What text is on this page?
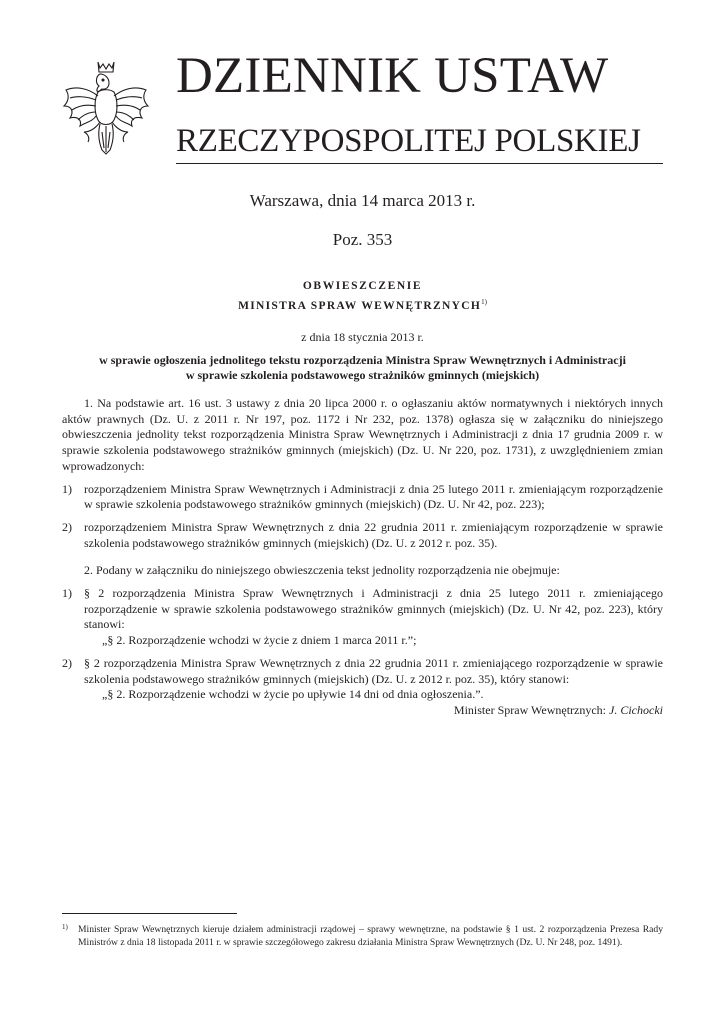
DZIENNIK USTAW
RZECZYPOSPOLITEJ POLSKIEJ
Warszawa, dnia 14 marca 2013 r.
Poz. 353
OBWIESZCZENIE
MINISTRA SPRAW WEWNĘTRZNYCH$^{1)}$
z dnia 18 stycznia 2013 r.
w sprawie ogłoszenia jednolitego tekstu rozporządzenia Ministra Spraw Wewnętrznych i Administracji
w sprawie szkolenia podstawowego strażników gminnych (miejskich)

1. Na podstawie art. 16 ust. 3 ustawy z dnia 20 lipca 2000 r. o ogłaszaniu aktów normatywnych i niektórych innych aktów prawnych (Dz. U. z 2011 r. Nr 197, poz. 1172 i Nr 232, poz. 1378) ogłasza się w załączniku do niniejszego obwieszczenia jednolity tekst rozporządzenia Ministra Spraw Wewnętrznych i Administracji z dnia 17 grudnia 2009 r. w sprawie szkolenia podstawowego strażników gminnych (miejskich) (Dz. U. Nr 220, poz. 1731), z uwzględnieniem zmian wprowadzonych:

1) rozporządzeniem Ministra Spraw Wewnętrznych i Administracji z dnia 25 lutego 2011 r. zmieniającym rozporządzenie w sprawie szkolenia podstawowego strażników gminnych (miejskich) (Dz. U. Nr 42, poz. 223);
2) rozporządzeniem Ministra Spraw Wewnętrznych z dnia 22 grudnia 2011 r. zmieniającym rozporządzenie w sprawie szkolenia podstawowego strażników gminnych (miejskich) (Dz. U. z 2012 r. poz. 35).

2. Podany w załączniku do niniejszego obwieszczenia tekst jednolity rozporządzenia nie obejmuje:

1) § 2 rozporządzenia Ministra Spraw Wewnętrznych i Administracji z dnia 25 lutego 2011 r. zmieniającego rozporządzenie w sprawie szkolenia podstawowego strażników gminnych (miejskich) (Dz. U. Nr 42, poz. 223), który stanowi:

„§ 2. Rozporządzenie wchodzi w życie z dniem 1 marca 2011 r.”;

2) § 2 rozporządzenia Ministra Spraw Wewnętrznych z dnia 22 grudnia 2011 r. zmieniającego rozporządzenie w sprawie szkolenia podstawowego strażników gminnych (miejskich) (Dz. U. z 2012 r. poz. 35), który stanowi:

„§ 2. Rozporządzenie wchodzi w życie po upływie 14 dni od dnia ogłoszenia.”.

Minister Spraw Wewnętrznych: J. Cichocki

1)	Minister Spraw Wewnętrznych kieruje działem administracji rządowej – sprawy wewnętrzne, na podstawie § 1 ust. 2 rozporządzenia Prezesa Rady Ministrów z dnia 18 listopada 2011 r. w sprawie szczegółowego zakresu działania Ministra Spraw Wewnętrznych (Dz. U. Nr 248, poz. 1491).
